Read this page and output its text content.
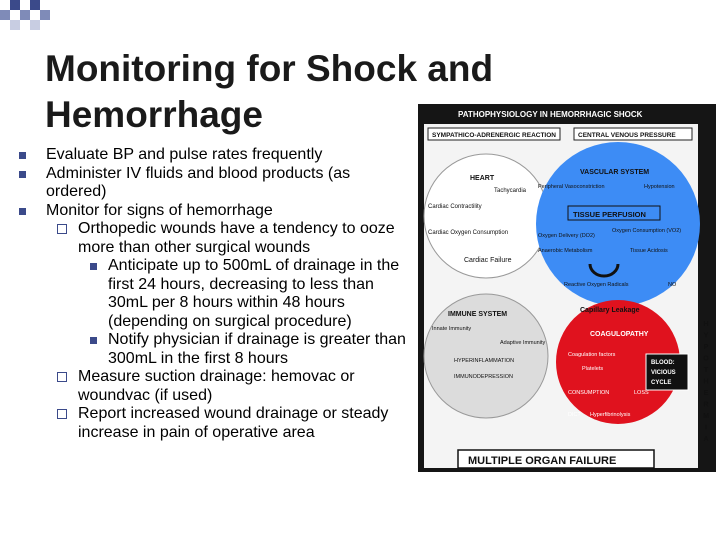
Monitoring for Shock and
Hemorrhage
Evaluate BP and pulse rates frequently
Administer IV fluids and blood products (as ordered)
Monitor for signs of hemorrhage
Orthopedic wounds have a tendency to ooze more than other surgical wounds
Anticipate up to 500mL of drainage in the first 24 hours, decreasing to less than 30mL per 8 hours within 48 hours (depending on surgical procedure)
Notify physician if drainage is greater than 300mL in the first 8 hours
Measure suction drainage: hemovac or woundvac (if used)
Report increased wound drainage or steady increase in pain of operative area
PATHOPHYSIOLOGY IN HEMORRHAGIC SHOCK
SYMPATHICO-ADRENERGIC REACTION	CENTRAL VENOUS PRESSURE
HEART
Tachycardia
Cardiac Contractility
Cardiac Oxygen Consumption
Cardiac Failure
VASCULAR SYSTEM
Peripheral Vasoconstriction	Hypotension
TISSUE PERFUSION
Oxygen Delivery (DO2)
Oxygen Consumption (VO2)
Anaerobic Metabolism	Tissue Acidosis
Reactive Oxygen Radicals	NO
Capillary Leakage
IMMUNE SYSTEM
Innate Immunity
Adaptive Immunity
HYPERINFLAMMATION
IMMUNODEPRESSION
COAGULOPATHY
Coagulation factors
Platelets
CONSUMPTION	LOSS
DIC? Hyperfibrinolysis
BLOOD:
VICIOUS
CYCLE
H Y P O T H E R M I A
MULTIPLE ORGAN FAILURE
